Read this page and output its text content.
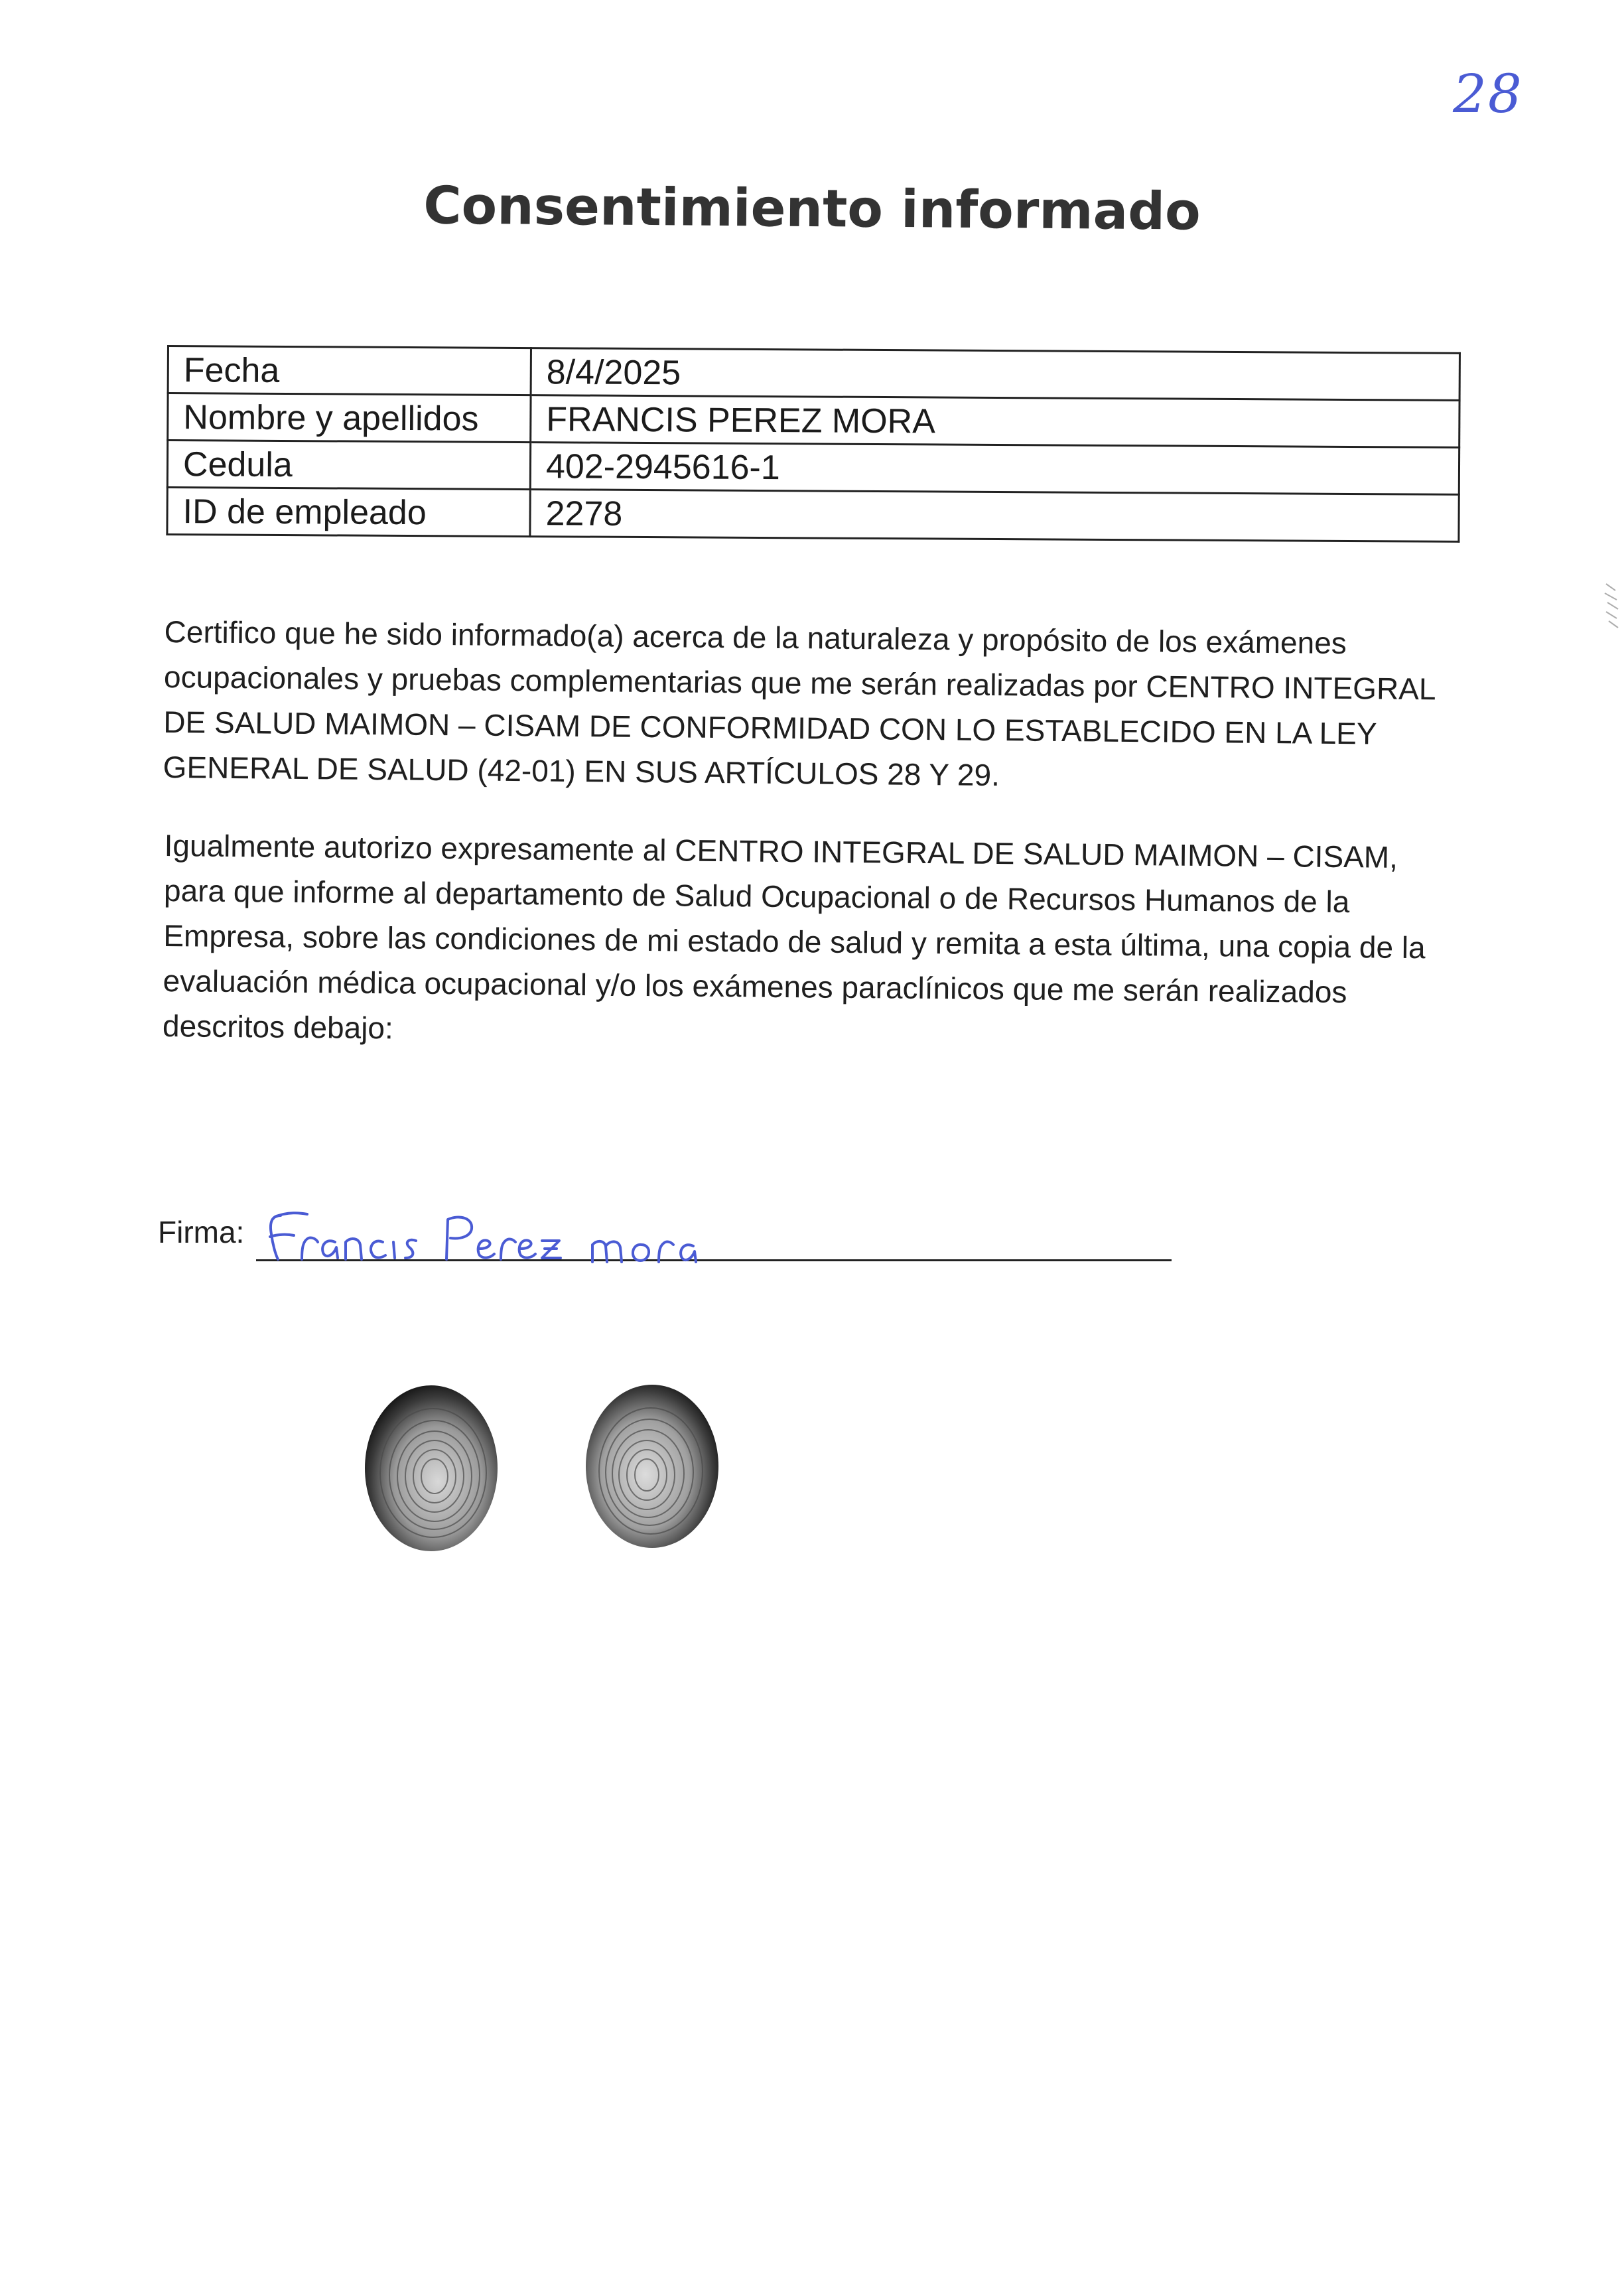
28
Consentimiento informado
Fecha	8/4/2025
Nombre y apellidos	FRANCIS PEREZ MORA
Cedula	402-2945616-1
ID de empleado	2278
Certifico que he sido informado(a) acerca de la naturaleza y propósito de los exámenes ocupacionales y pruebas complementarias que me serán realizadas por CENTRO INTEGRAL DE SALUD MAIMON – CISAM DE CONFORMIDAD CON LO ESTABLECIDO EN LA LEY GENERAL DE SALUD (42-01) EN SUS ARTÍCULOS 28 Y 29.
Igualmente autorizo expresamente al CENTRO INTEGRAL DE SALUD MAIMON – CISAM, para que informe al departamento de Salud Ocupacional o de Recursos Humanos de la Empresa, sobre las condiciones de mi estado de salud y remita a esta última, una copia de la evaluación médica ocupacional y/o los exámenes paraclínicos que me serán realizados descritos debajo:
Firma:
